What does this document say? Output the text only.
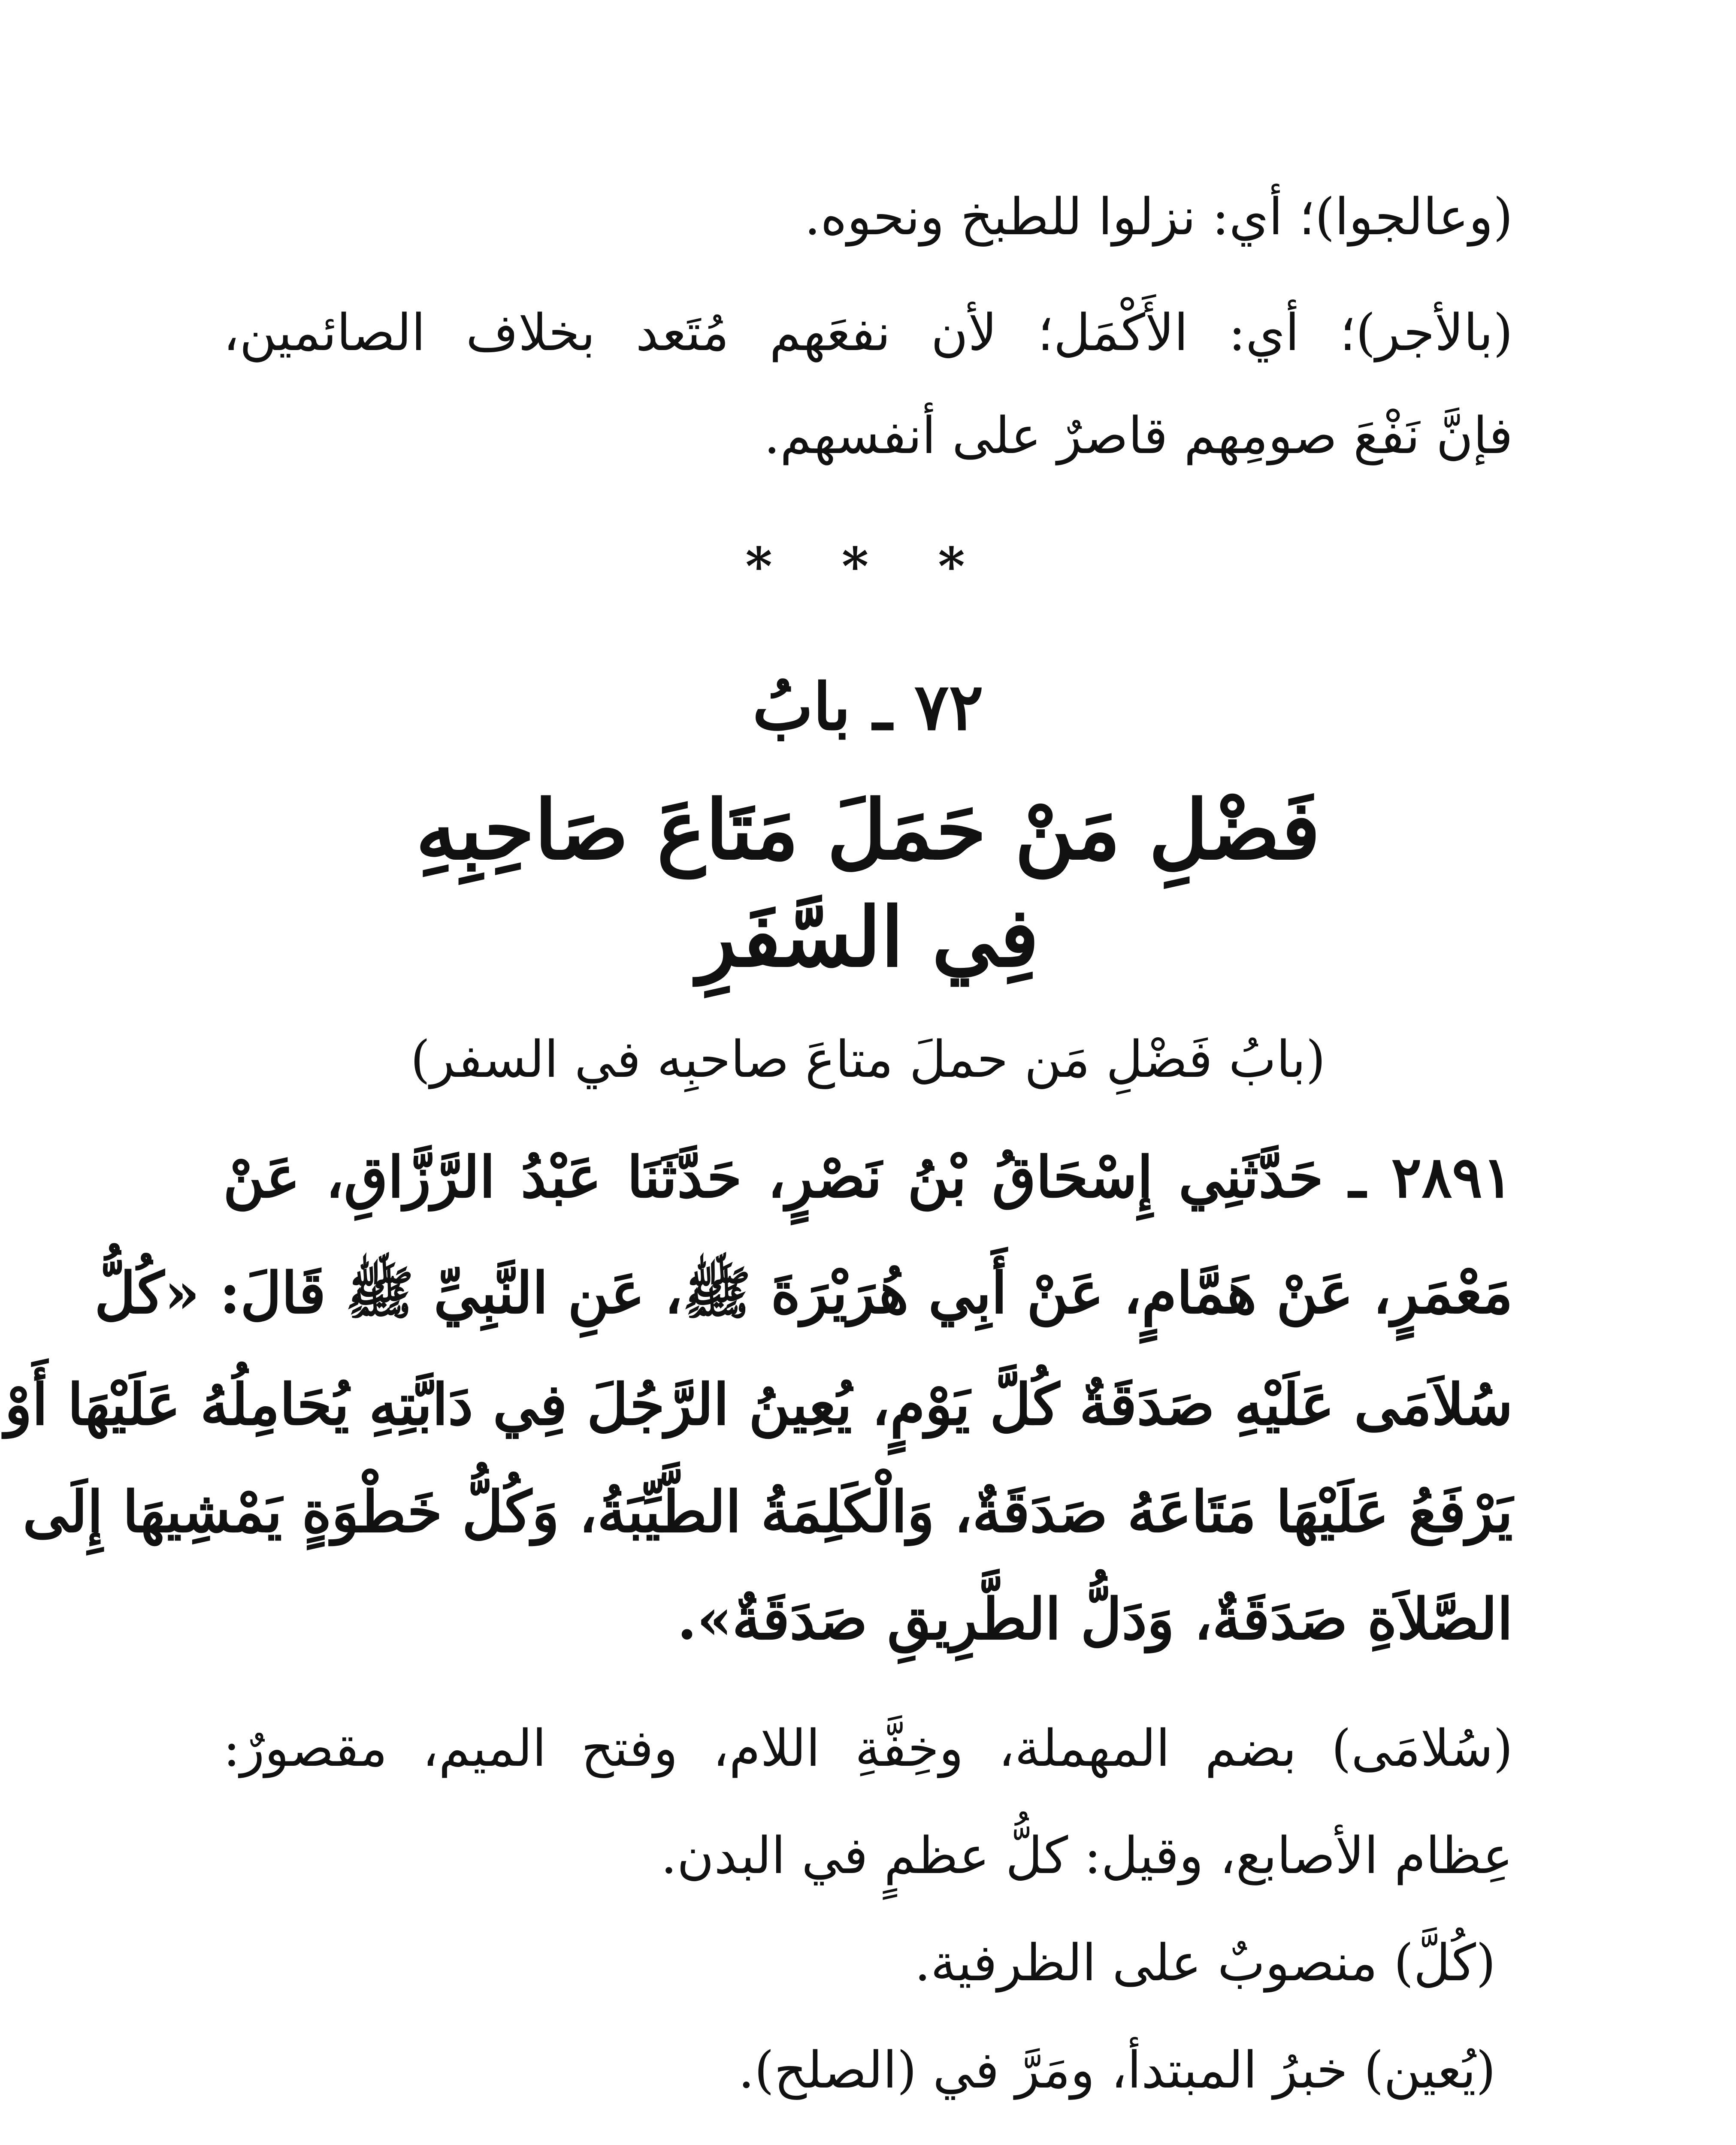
(وعالجوا)؛ أي: نزلوا للطبخ ونحوه.
(بالأجر)؛ أي: الأَكْمَل؛ لأن نفعَهم مُتَعد بخلاف الصائمين،
فإنَّ نَفْعَ صومِهم قاصرٌ على أنفسهم.
* * *
٧٢ ـ بابُ
فَضْلِ مَنْ حَمَلَ مَتَاعَ صَاحِبِهِ
فِي السَّفَرِ
(بابُ فَضْلِ مَن حملَ متاعَ صاحبِه في السفر)
٢٨٩١ ـ حَدَّثَنِي إِسْحَاقُ بْنُ نَصْرٍ، حَدَّثَنَا عَبْدُ الرَّزَّاقِ، عَنْ
مَعْمَرٍ، عَنْ هَمَّامٍ، عَنْ أَبِي هُرَيْرَةَ ﷺ، عَنِ النَّبِيِّ ﷺ قَالَ: «كُلُّ
سُلاَمَى عَلَيْهِ صَدَقَةٌ كُلَّ يَوْمٍ، يُعِينُ الرَّجُلَ فِي دَابَّتِهِ يُحَامِلُهُ عَلَيْهَا أَوْ
يَرْفَعُ عَلَيْهَا مَتَاعَهُ صَدَقَةٌ، وَالْكَلِمَةُ الطَّيِّبَةُ، وَكُلُّ خَطْوَةٍ يَمْشِيهَا إِلَى
الصَّلاَةِ صَدَقَةٌ، وَدَلُّ الطَّرِيقِ صَدَقَةٌ».
(سُلامَى) بضم المهملة، وخِفَّةِ اللام، وفتح الميم، مقصورٌ:
عِظام الأصابع، وقيل: كلُّ عظمٍ في البدن.
(كُلَّ) منصوبٌ على الظرفية.
(يُعين) خبرُ المبتدأ، ومَرَّ في (الصلح).
